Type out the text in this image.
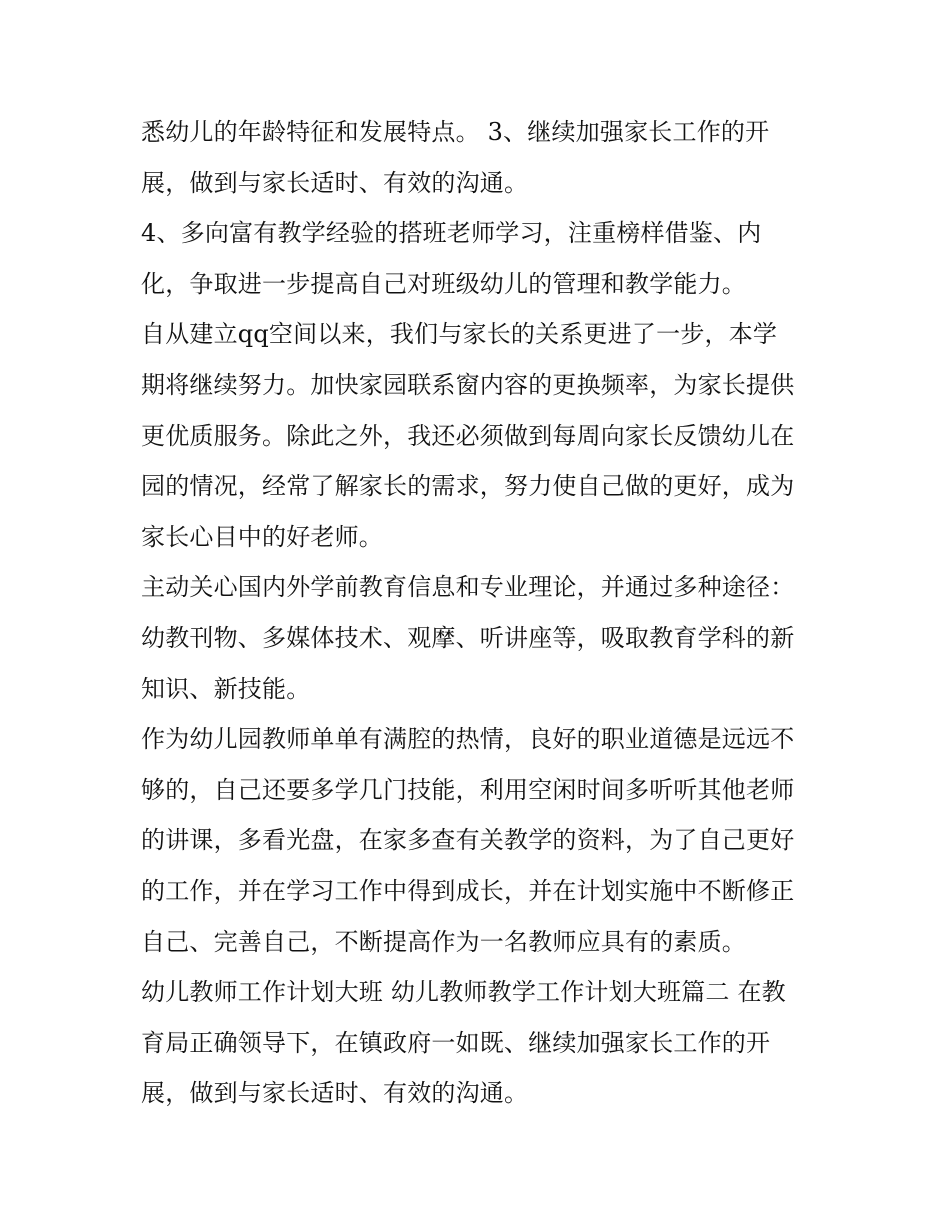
悉幼儿的年龄特征和发展特点。 3、继续加强家长工作的开
展，做到与家长适时、有效的沟通。
4、多向富有教学经验的搭班老师学习，注重榜样借鉴、内
化，争取进一步提高自己对班级幼儿的管理和教学能力。
自从建立qq空间以来，我们与家长的关系更进了一步，本学
期将继续努力。加快家园联系窗内容的更换频率，为家长提供
更优质服务。除此之外，我还必须做到每周向家长反馈幼儿在
园的情况，经常了解家长的需求，努力使自己做的更好，成为
家长心目中的好老师。
主动关心国内外学前教育信息和专业理论，并通过多种途径：
幼教刊物、多媒体技术、观摩、听讲座等，吸取教育学科的新
知识、新技能。
作为幼儿园教师单单有满腔的热情，良好的职业道德是远远不
够的，自己还要多学几门技能，利用空闲时间多听听其他老师
的讲课，多看光盘，在家多查有关教学的资料，为了自己更好
的工作，并在学习工作中得到成长，并在计划实施中不断修正
自己、完善自己，不断提高作为一名教师应具有的素质。
幼儿教师工作计划大班 幼儿教师教学工作计划大班篇二 在教
育局正确领导下，在镇政府一如既、继续加强家长工作的开
展，做到与家长适时、有效的沟通。
